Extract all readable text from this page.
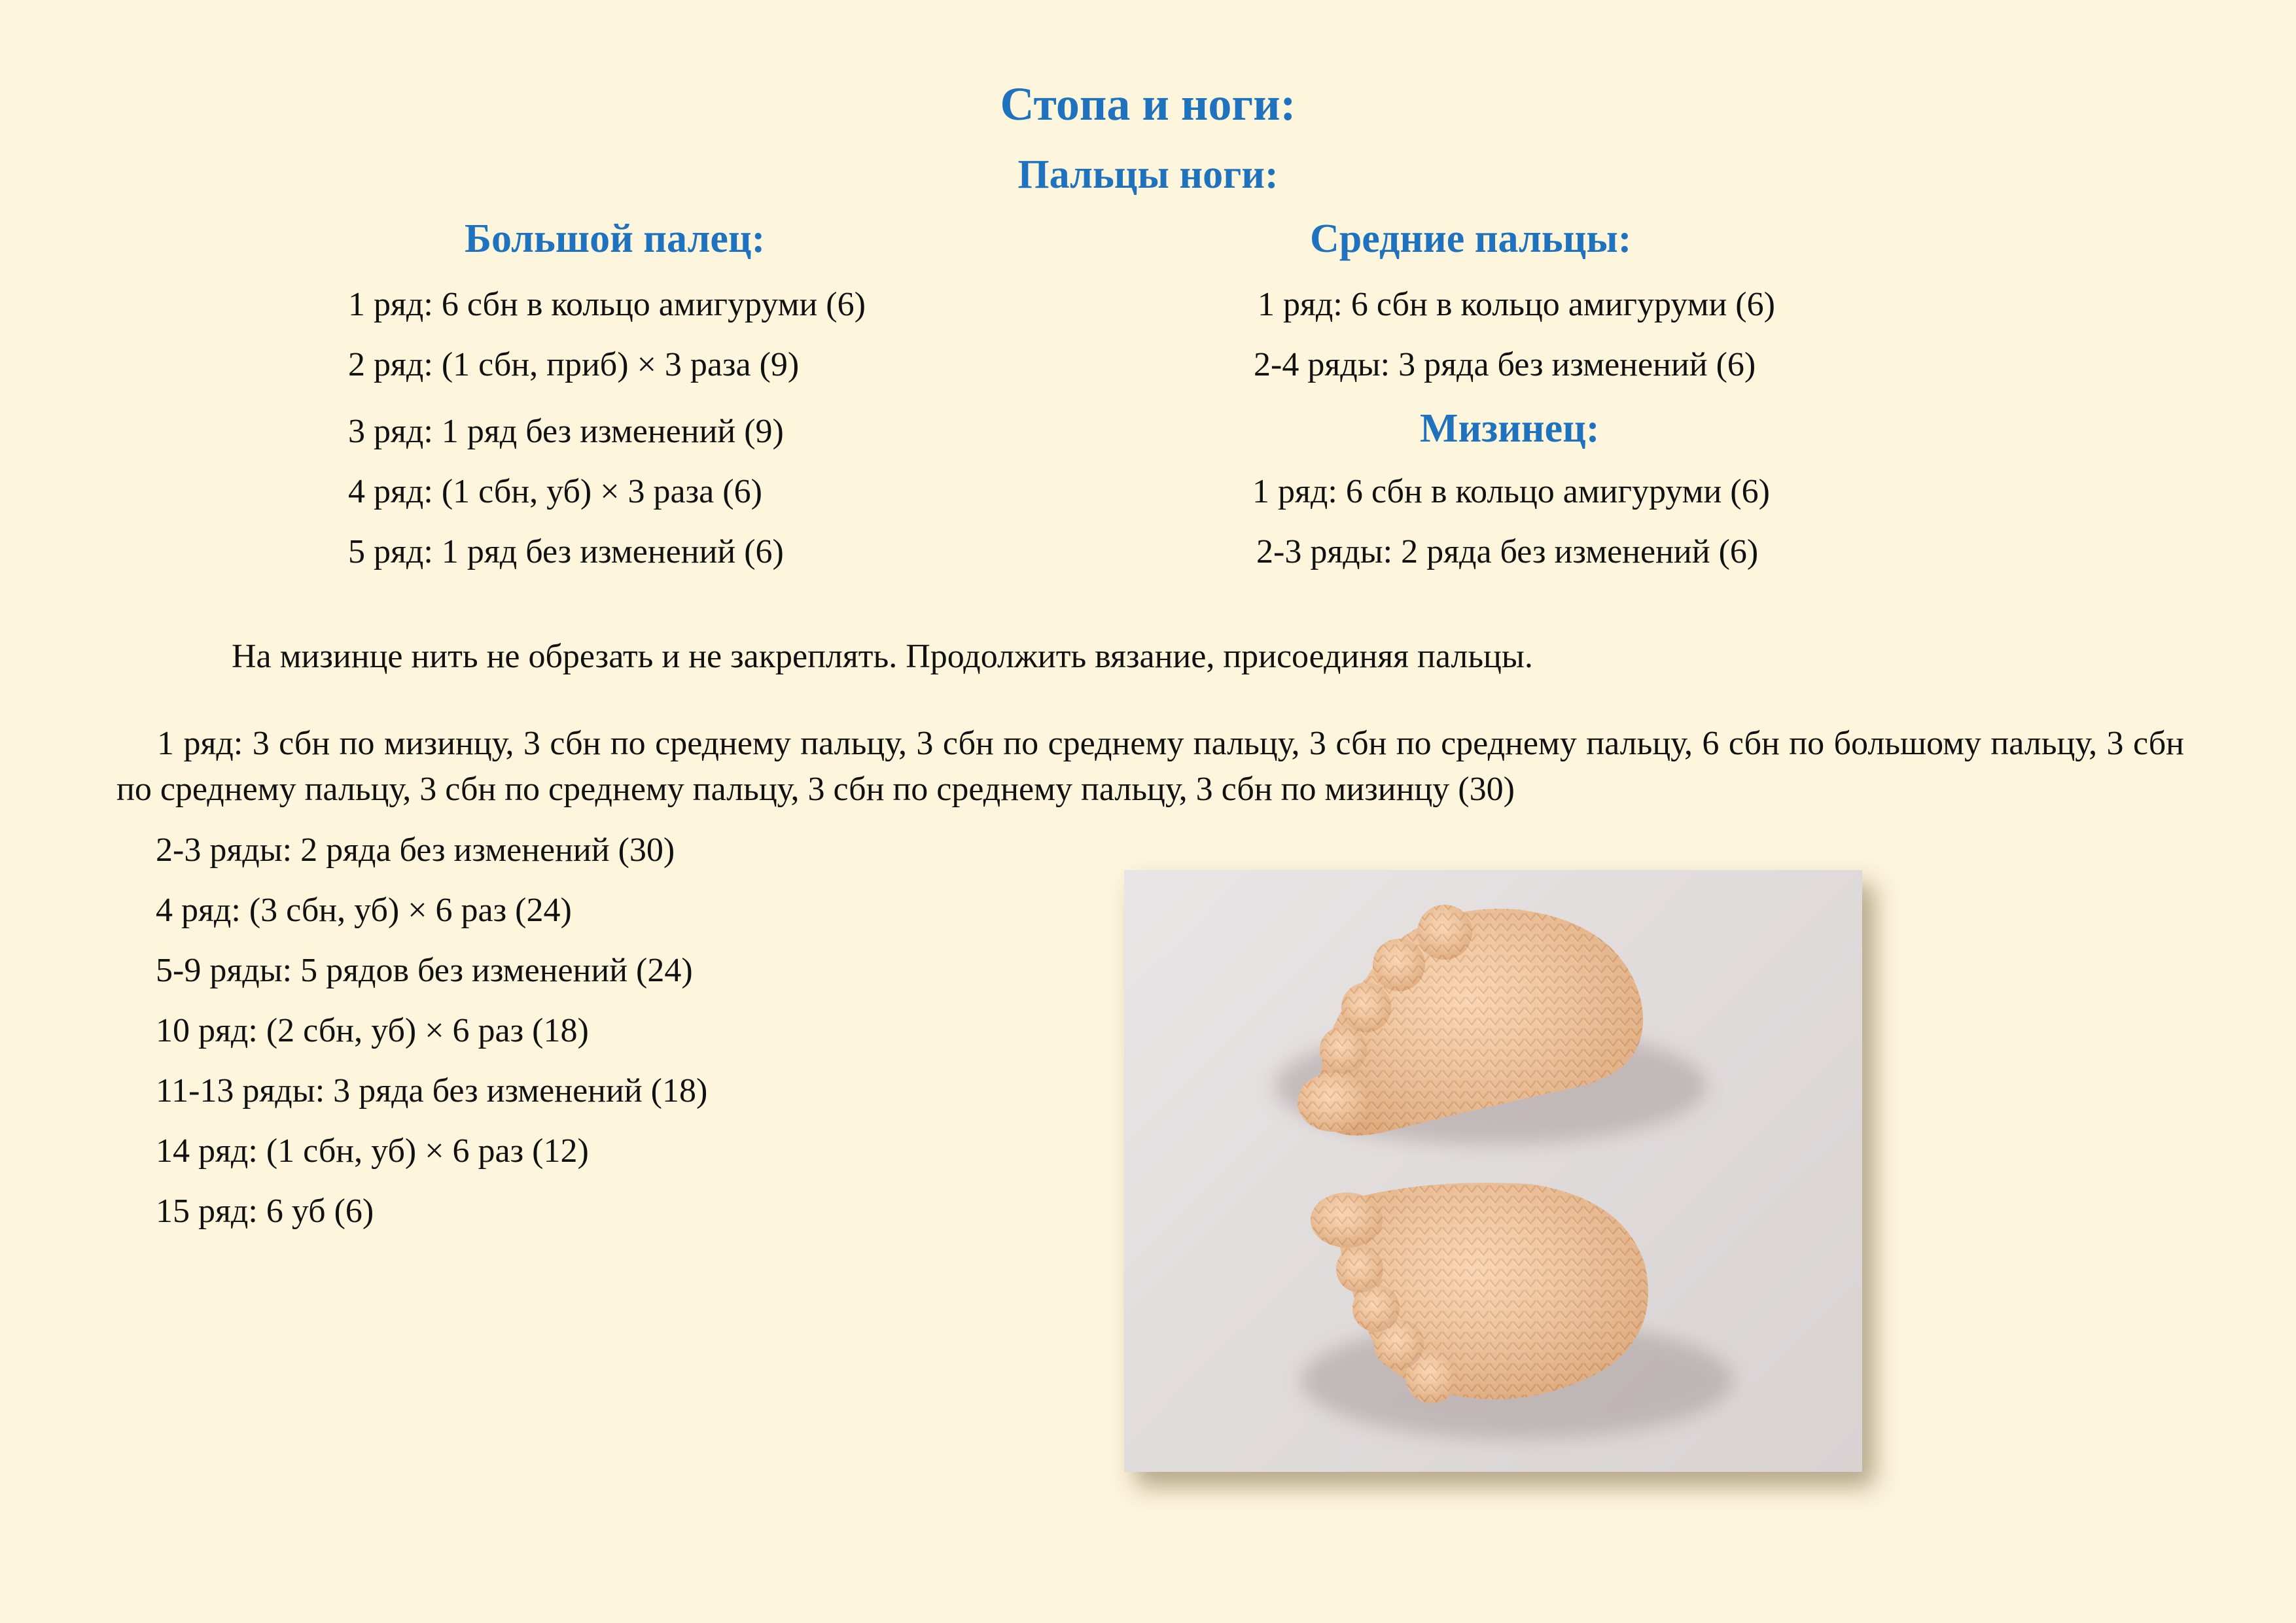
Стопа и ноги:
Пальцы ноги:
Большой палец:	Средние пальцы:

1 ряд: 6 сбн в кольцо амигуруми (6)

2 ряд: (1 сбн, приб) × 3 раза (9)

3 ряд: 1 ряд без изменений (9)

4 ряд: (1 сбн, уб) × 3 раза (6)

5 ряд: 1 ряд без изменений (6)

1 ряд: 6 сбн в кольцо амигуруми (6)

2-4 ряды: 3 ряда без изменений (6)

Мизинец:

1 ряд: 6 сбн в кольцо амигуруми (6)

2-3 ряды: 2 ряда без изменений (6)

На мизинце нить не обрезать и не закреплять. Продолжить вязание, присоединяя пальцы.

1 ряд: 3 сбн по мизинцу, 3 сбн по среднему пальцу, 3 сбн по среднему пальцу, 3 сбн по среднему пальцу, 6 сбн по большому пальцу, 3 сбн по среднему пальцу, 3 сбн по среднему пальцу, 3 сбн по среднему пальцу, 3 сбн по мизинцу (30)

2-3 ряды: 2 ряда без изменений (30)

4 ряд: (3 сбн, уб) × 6 раз (24)

5-9 ряды: 5 рядов без изменений (24)

10 ряд: (2 сбн, уб) × 6 раз (18)

11-13 ряды: 3 ряда без изменений (18)

14 ряд: (1 сбн, уб) × 6 раз (12)

15 ряд: 6 уб (6)
